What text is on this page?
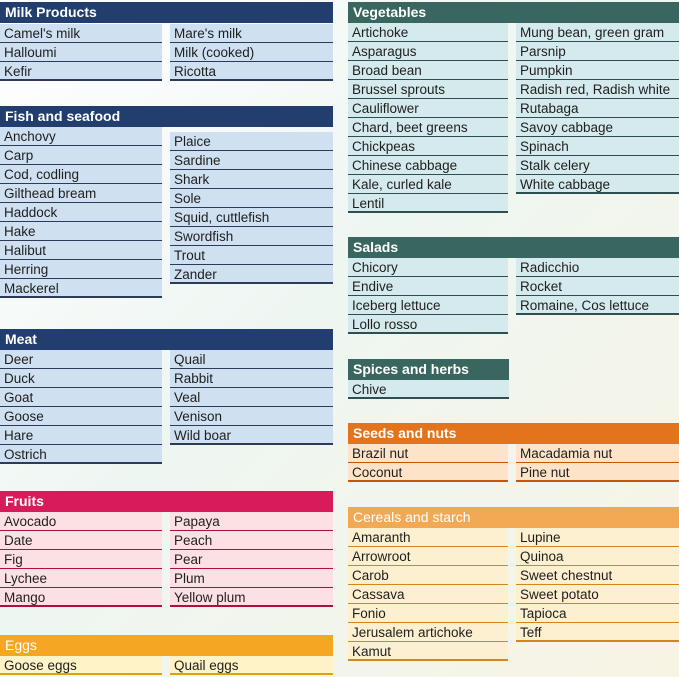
Milk Products
Camel's milk
Halloumi
Kefir
Mare's milk
Milk (cooked)
Ricotta
Fish and seafood
Anchovy
Carp
Cod, codling
Gilthead bream
Haddock
Hake
Halibut
Herring
Mackerel
Plaice
Sardine
Shark
Sole
Squid, cuttlefish
Swordfish
Trout
Zander
Meat
Deer
Duck
Goat
Goose
Hare
Ostrich
Quail
Rabbit
Veal
Venison
Wild boar
Fruits
Avocado
Date
Fig
Lychee
Mango
Papaya
Peach
Pear
Plum
Yellow plum
Eggs
Goose eggs	Quail eggs
Vegetables
Artichoke
Asparagus
Broad bean
Brussel sprouts
Cauliflower
Chard, beet greens
Chickpeas
Chinese cabbage
Kale, curled kale
Lentil
Mung bean, green gram
Parsnip
Pumpkin
Radish red, Radish white
Rutabaga
Savoy cabbage
Spinach
Stalk celery
White cabbage
Salads
Chicory
Endive
Iceberg lettuce
Lollo rosso
Radicchio
Rocket
Romaine, Cos lettuce
Spices and herbs
Chive
Seeds and nuts
Brazil nut
Coconut
Macadamia nut
Pine nut
Cereals and starch
Amaranth
Arrowroot
Carob
Cassava
Fonio
Jerusalem artichoke
Kamut
Lupine
Quinoa
Sweet chestnut
Sweet potato
Tapioca
Teff
